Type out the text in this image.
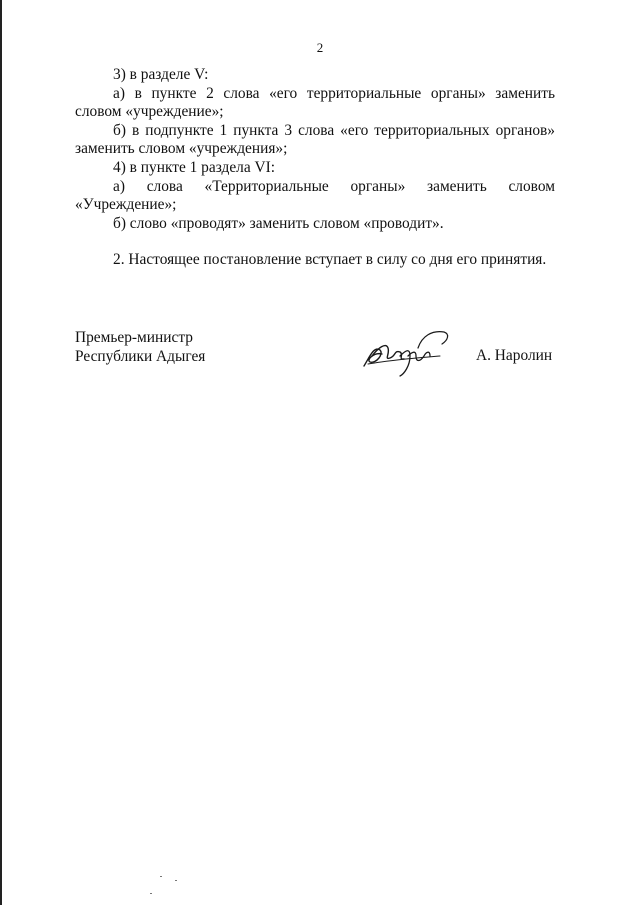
2

3) в разделе V:

а) в пункте 2 слова «его территориальные органы» заменить словом «учреждение»;

б) в подпункте 1 пункта 3 слова «его территориальных органов» заменить словом «учреждения»;

4) в пункте 1 раздела VI:

а) слова «Территориальные органы» заменить словом «Учреждение»;

б) слово «проводят» заменить словом «проводит».

2. Настоящее постановление вступает в силу со дня его принятия.

Премьер-министр
Республики Адыгея	А. Наролин
